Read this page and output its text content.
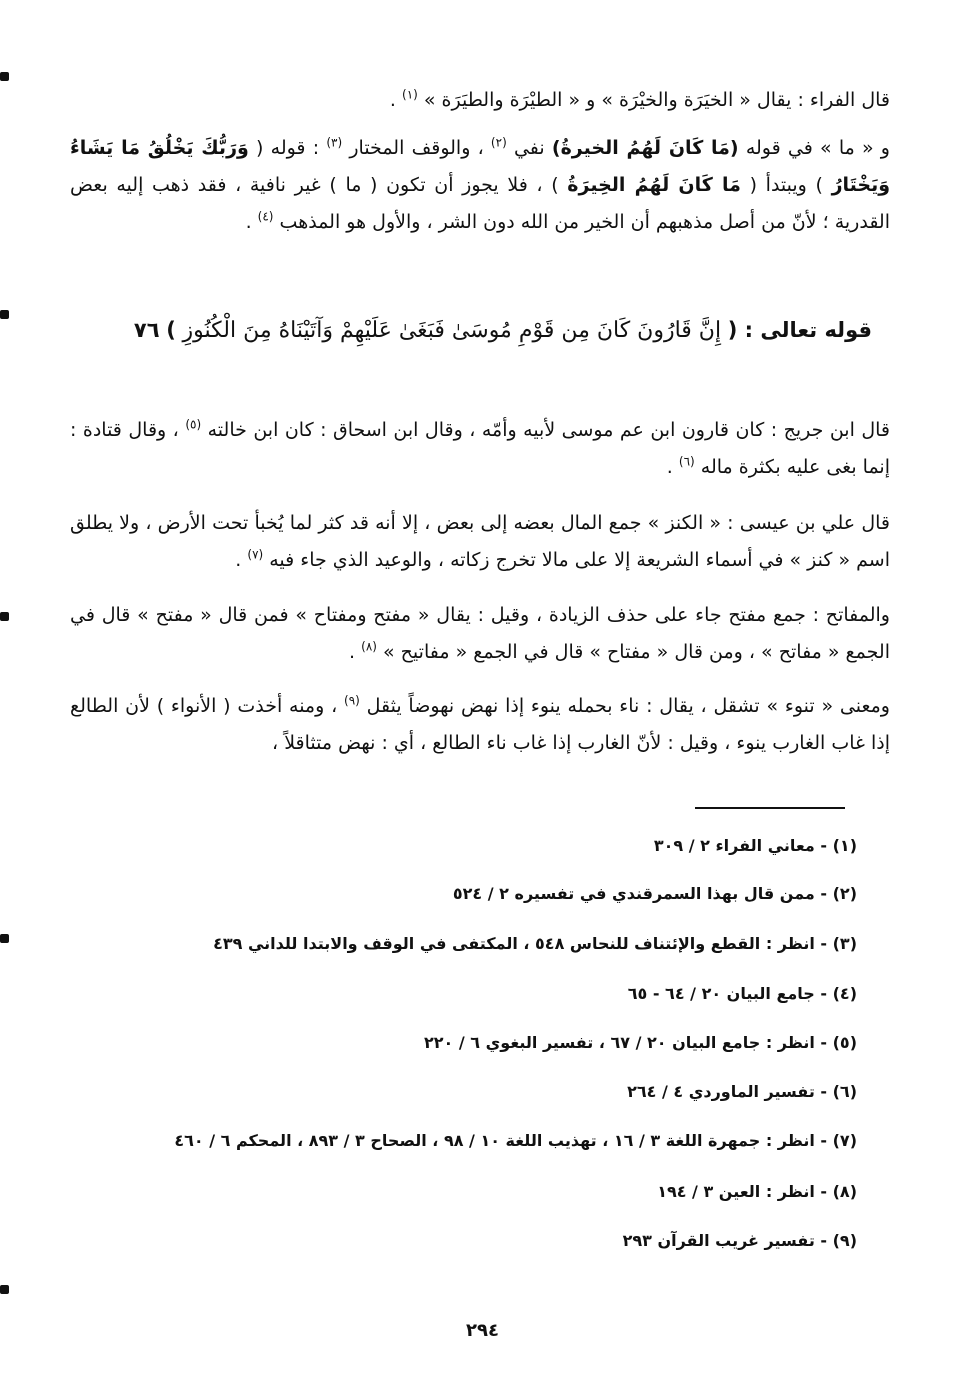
قال الفراء : يقال « الخيَرَة والخيْرَة » و « الطيْرَة والطيَرَة » $^{(١)}$ .
و « ما » في قوله (مَا كَانَ لَهُمُ الخيرةُ) نفي $^{(٢)}$ ، والوقف المختار $^{(٣)}$ : قوله ( وَرَبُّكَ يَخْلُقُ مَا يَشَاءُ وَيَخْتَارُ ) ويبتدأ ( مَا كَانَ لَهُمُ الخِيرَةُ ) ، فلا يجوز أن تكون ( ما ) غير نافية ، فقد ذهب إليه بعض القدرية ؛ لأنّ من أصل مذهبهم أن الخير من الله دون الشر ، والأول هو المذهب $^{(٤)}$ .
قوله تعالى : ( إِنَّ قَارُونَ كَانَ مِن قَوْمِ مُوسَىٰ فَبَغَىٰ عَلَيْهِمْ وَآتَيْنَاهُ مِنَ الْكُنُوزِ ) ٧٦
قال ابن جريج : كان قارون ابن عم موسى لأبيه وأمّه ، وقال ابن اسحاق : كان ابن خالته $^{(٥)}$ ، وقال قتادة : إنما بغى عليه بكثرة ماله $^{(٦)}$ .
قال علي بن عيسى : « الكنز » جمع المال بعضه إلى بعض ، إلا أنه قد كثر لما يُخبأ تحت الأرض ، ولا يطلق اسم « كنز » في أسماء الشريعة إلا على مالا تخرج زكاته ، والوعيد الذي جاء فيه $^{(٧)}$ .
والمفاتح : جمع مفتح جاء على حذف الزيادة ، وقيل : يقال « مفتح ومفتاح » فمن قال « مفتح » قال في الجمع « مفاتح » ، ومن قال « مفتاح » قال في الجمع « مفاتيح » $^{(٨)}$ .
ومعنى « تنوء » تشقل ، يقال : ناء بحمله ينوء إذا نهض نهوضاً يثقل $^{(٩)}$ ، ومنه أخذت ( الأنواء ) لأن الطالع إذا غاب الغارب ينوء ، وقيل : لأنّ الغارب إذا غاب ناء الطالع ، أي : نهض متثاقلاً ،
(١) - معاني الفراء ٢ / ٣٠٩
(٢) - ممن قال بهذا السمرقندي في تفسيره ٢ / ٥٢٤
(٣) - انظر : القطع والإئتناف للنحاس ٥٤٨ ، المكتفى في الوقف والابتدا للداني ٤٣٩
(٤) - جامع البيان ٢٠ / ٦٤ - ٦٥
(٥) - انظر : جامع البيان ٢٠ / ٦٧ ، تفسير البغوي ٦ / ٢٢٠
(٦) - تفسير الماوردي ٤ / ٢٦٤
(٧) - انظر : جمهرة اللغة ٣ / ١٦ ، تهذيب اللغة ١٠ / ٩٨ ، الصحاح ٣ / ٨٩٣ ، المحكم ٦ / ٤٦٠
(٨) - انظر : العين ٣ / ١٩٤
(٩) - تفسير غريب القرآن ٢٩٣
٢٩٤
